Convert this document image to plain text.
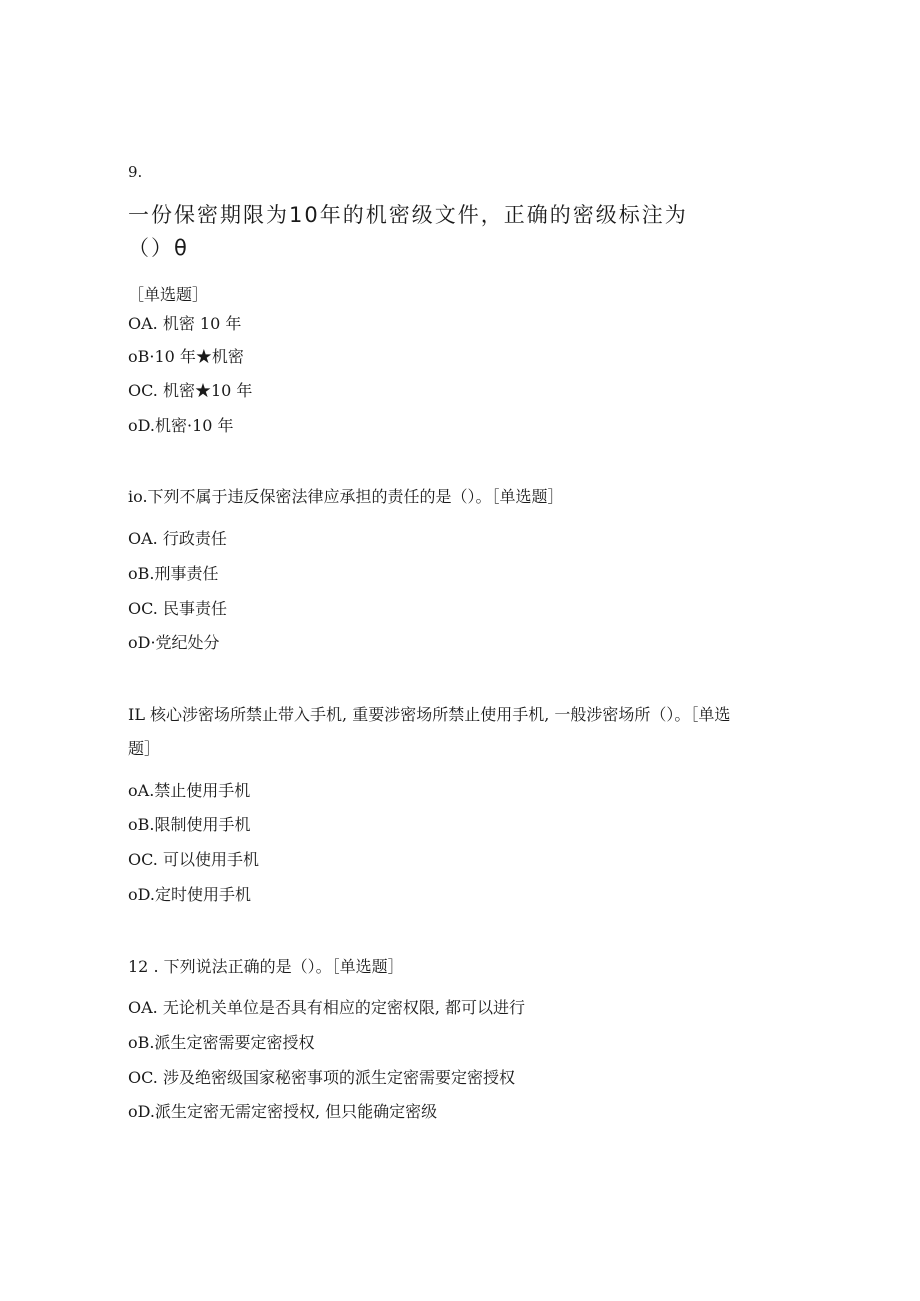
9.
一份保密期限为10年的机密级文件，正确的密级标注为
（）θ
［单选题］
OA. 机密 10 年
oB·10 年★机密
OC. 机密★10 年
oD.机密·10 年
io.下列不属于违反保密法律应承担的责任的是（）。［单选题］
OA. 行政责任
oB.刑事责任
OC. 民事责任
oD·党纪处分
IL 核心涉密场所禁止带入手机, 重要涉密场所禁止使用手机, 一般涉密场所（）。［单选
题］
oA.禁止使用手机
oB.限制使用手机
OC. 可以使用手机
oD.定时使用手机
12 . 下列说法正确的是（）。［单选题］
OA. 无论机关单位是否具有相应的定密权限, 都可以进行
oB.派生定密需要定密授权
OC. 涉及绝密级国家秘密事项的派生定密需要定密授权
oD.派生定密无需定密授权, 但只能确定密级
